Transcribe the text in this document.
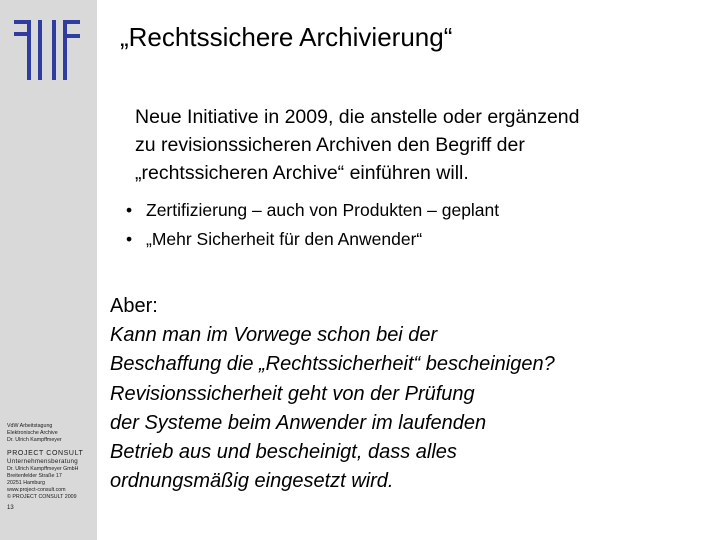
VdW Arbeitstagung
Elektronische Archive
Dr. Ulrich Kampffmeyer
PROJECT CONSULT
Unternehmensberatung
Dr. Ulrich Kampffmeyer GmbH
Breitenfelder Straße 17
20251 Hamburg
www.project-consult.com
© PROJECT CONSULT 2009
13
„Rechtssichere Archivierung“
Neue Initiative in 2009, die anstelle oder ergänzend
zu revisionssicheren Archiven den Begriff der
„rechtssicheren Archive“ einführen will.
• Zertifizierung – auch von Produkten – geplant
• „Mehr Sicherheit für den Anwender“
Aber:
Kann man im Vorwege schon bei der
Beschaffung die „Rechtssicherheit“ bescheinigen?
Revisionssicherheit geht von der Prüfung
der Systeme beim Anwender im laufenden
Betrieb aus und bescheinigt, dass alles
ordnungsmäßig eingesetzt wird.
